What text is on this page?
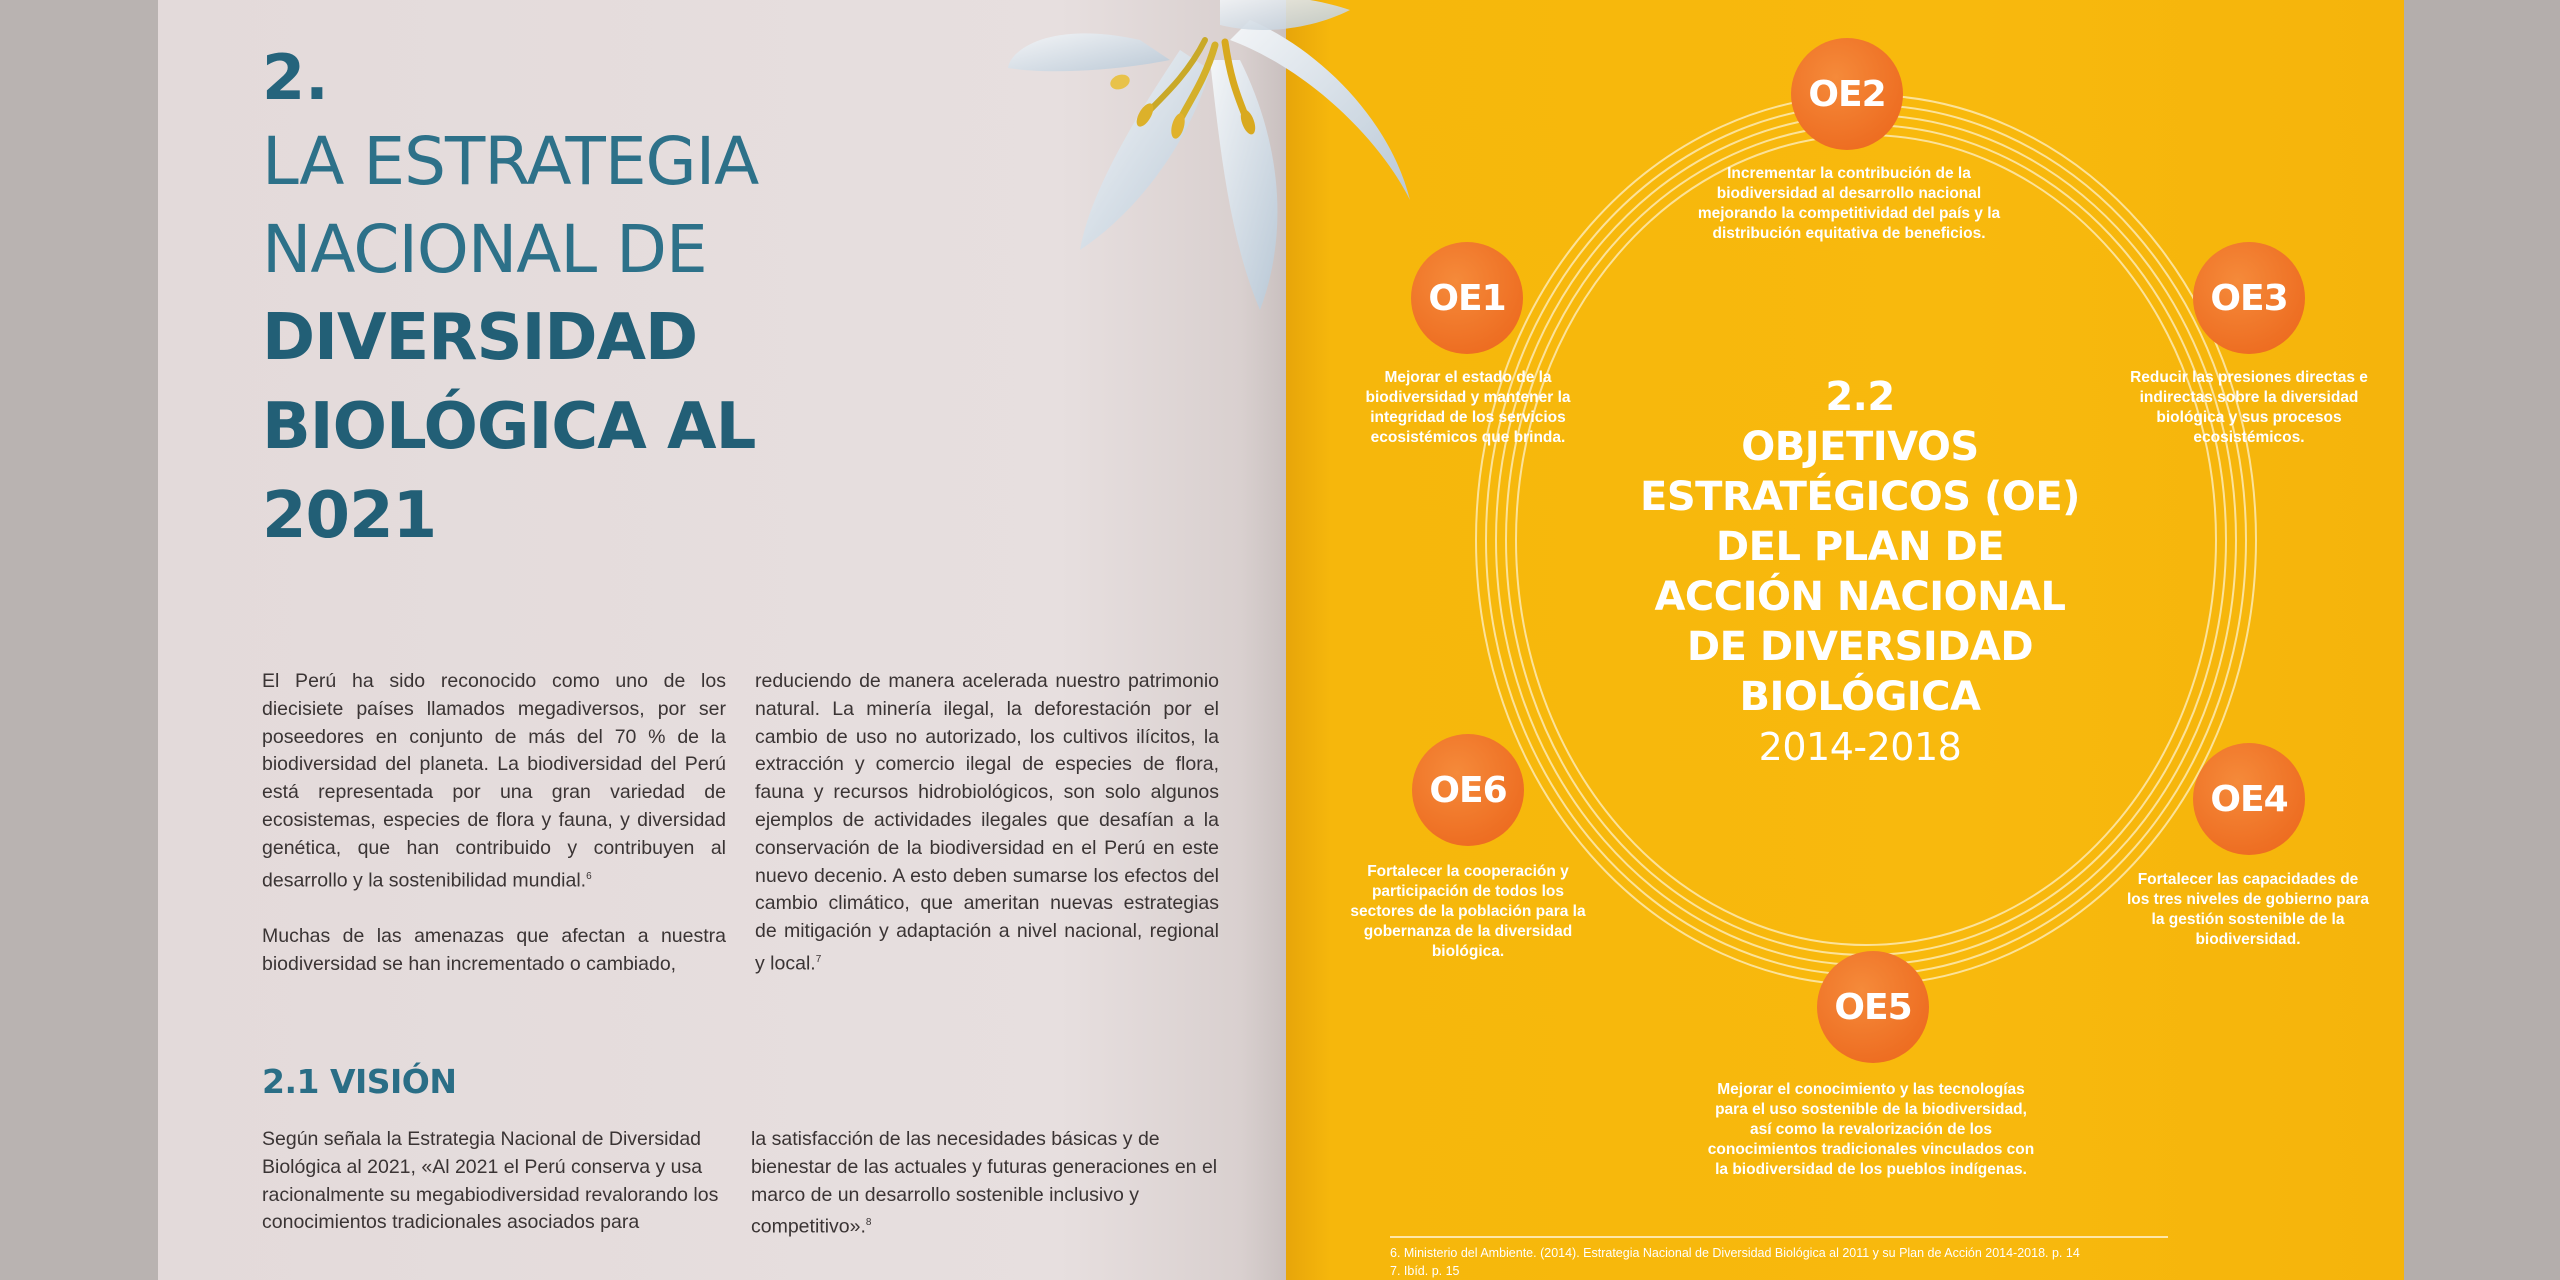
2.
LA ESTRATEGIA
NACIONAL DE
DIVERSIDAD
BIOLÓGICA AL
2021
El Perú ha sido reconocido como uno de los diecisiete países llamados megadiversos, por ser poseedores en conjunto de más del 70 % de la biodiversidad del planeta. La biodiversidad del Perú está representada por una gran variedad de ecosistemas, especies de flora y fauna, y diversidad genética, que han contribuido y contribuyen al desarrollo y la sostenibilidad mundial.$^6$
Muchas de las amenazas que afectan a nuestra biodiversidad se han incrementado o cambiado,
reduciendo de manera acelerada nuestro patrimonio natural. La minería ilegal, la deforestación por el cambio de uso no autorizado, los cultivos ilícitos, la extracción y comercio ilegal de especies de flora, fauna y recursos hidrobiológicos, son solo algunos ejemplos de actividades ilegales que desafían a la conservación de la biodiversidad en el Perú en este nuevo decenio. A esto deben sumarse los efectos del cambio climático, que ameritan nuevas estrategias de mitigación y adaptación a nivel nacional, regional y local.$^7$
2.1 VISIÓN
Según señala la Estrategia Nacional de Diversidad Biológica al 2021, «Al 2021 el Perú conserva y usa racionalmente su megabiodiversidad revalorando los conocimientos tradicionales asociados para
la satisfacción de las necesidades básicas y de bienestar de las actuales y futuras generaciones en el marco de un desarrollo sostenible inclusivo y competitivo».$^8$
OE2
OE1	OE3
OE6	OE4
OE5
Incrementar la contribución de la biodiversidad al desarrollo nacional mejorando la competitividad del país y la distribución equitativa de beneficios.
Mejorar el estado de la biodiversidad y mantener la integridad de los servicios ecosistémicos que brinda.
Reducir las presiones directas e indirectas sobre la diversidad biológica y sus procesos ecosistémicos.
Fortalecer la cooperación y participación de todos los sectores de la población para la gobernanza de la diversidad biológica.
Fortalecer las capacidades de los tres niveles de gobierno para la gestión sostenible de la biodiversidad.
Mejorar el conocimiento y las tecnologías para el uso sostenible de la biodiversidad, así como la revalorización de los conocimientos tradicionales vinculados con la biodiversidad de los pueblos indígenas.
2.2
OBJETIVOS
ESTRATÉGICOS (OE)
DEL PLAN DE
ACCIÓN NACIONAL
DE DIVERSIDAD
BIOLÓGICA
2014-2018
6. Ministerio del Ambiente. (2014). Estrategia Nacional de Diversidad Biológica al 2011 y su Plan de Acción 2014-2018. p. 14
7. Ibíd. p. 15
